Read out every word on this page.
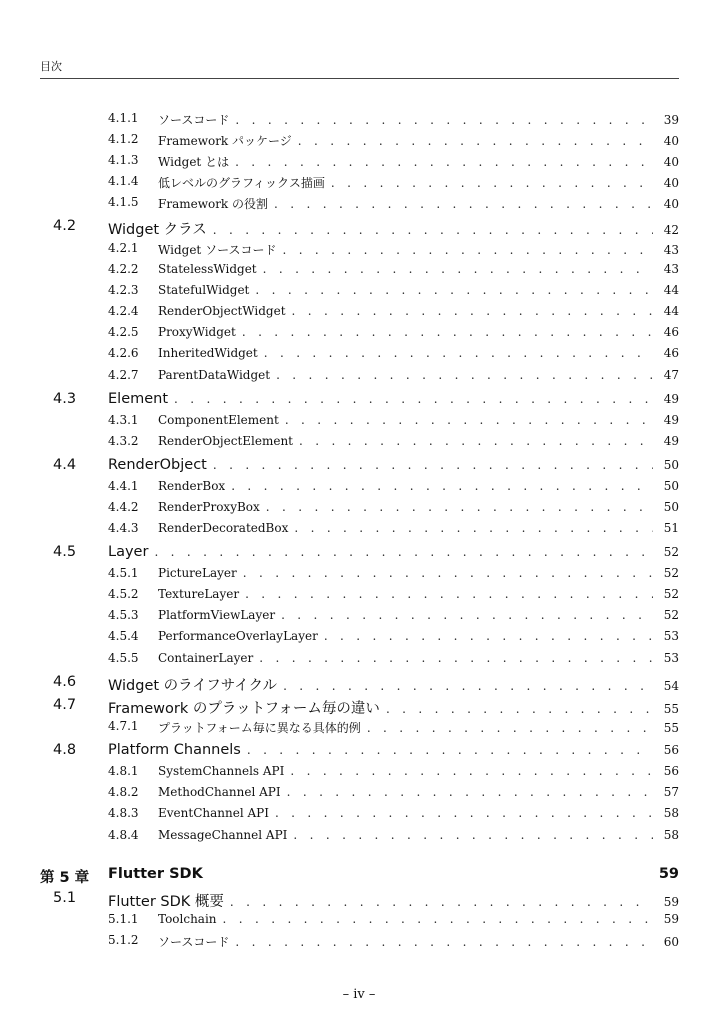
目次
4.1.1 ソースコード . . .	39
4.1.2 Framework パッケージ . . .	40
4.1.3 Widget とは . . .	40
4.1.4 低レベルのグラフィックス描画 . . .	40
4.1.5 Framework の役割 . . .	40
4.2 Widget クラス . . .	42
4.2.1 Widget ソースコード . . .	43
4.2.2 StatelessWidget . . .	43
4.2.3 StatefulWidget . . .	44
4.2.4 RenderObjectWidget . . .	44
4.2.5 ProxyWidget . . .	46
4.2.6 InheritedWidget . . .	46
4.2.7 ParentDataWidget . . .	47
4.3 Element . . .	49
4.3.1 ComponentElement . . .	49
4.3.2 RenderObjectElement . . .	49
4.4 RenderObject . . .	50
4.4.1 RenderBox . . .	50
4.4.2 RenderProxyBox . . .	50
4.4.3 RenderDecoratedBox . . .	51
4.5 Layer . . .	52
4.5.1 PictureLayer . . .	52
4.5.2 TextureLayer . . .	52
4.5.3 PlatformViewLayer . . .	52
4.5.4 PerformanceOverlayLayer . . .	53
4.5.5 ContainerLayer . . .	53
4.6 Widget のライフサイクル . . .	54
4.7 Framework のプラットフォーム毎の違い . . .	55
4.7.1 プラットフォーム毎に異なる具体的例 . . .	55
4.8 Platform Channels . . .	56
4.8.1 SystemChannels API . . .	56
4.8.2 MethodChannel API . . .	57
4.8.3 EventChannel API . . .	58
4.8.4 MessageChannel API . . .	58
第 5 章 Flutter SDK	59
5.1 Flutter SDK 概要 . . .	59
5.1.1 Toolchain . . .	59
5.1.2 ソースコード . . .	60
– iv –
